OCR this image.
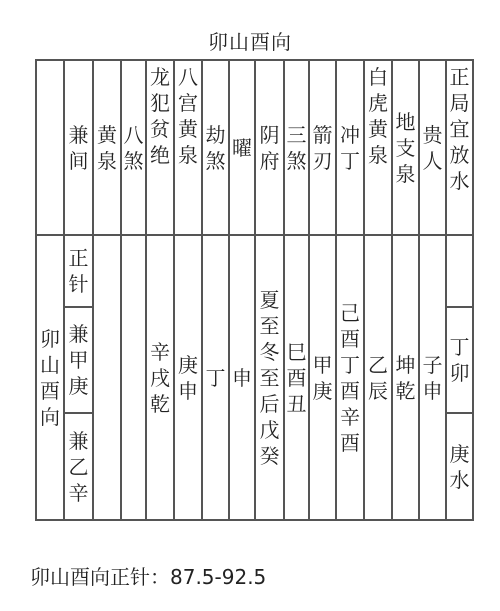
卯山酉向
	兼间	黄泉	八煞	龙犯贫绝	八宫黄泉	劫煞	曜	阴府	三煞	箭刃	冲丁	白虎黄泉	地支泉	贵人	正局宜放水
卯山酉向	正针			辛戌乾	庚申	丁	申	夏至冬至后戊癸	巳酉丑	甲庚	己酉丁酉辛酉	乙辰	坤乾	子申	
	兼甲庚														丁卯
	兼乙辛														庚水
卯山酉向正针：87.5-92.5
